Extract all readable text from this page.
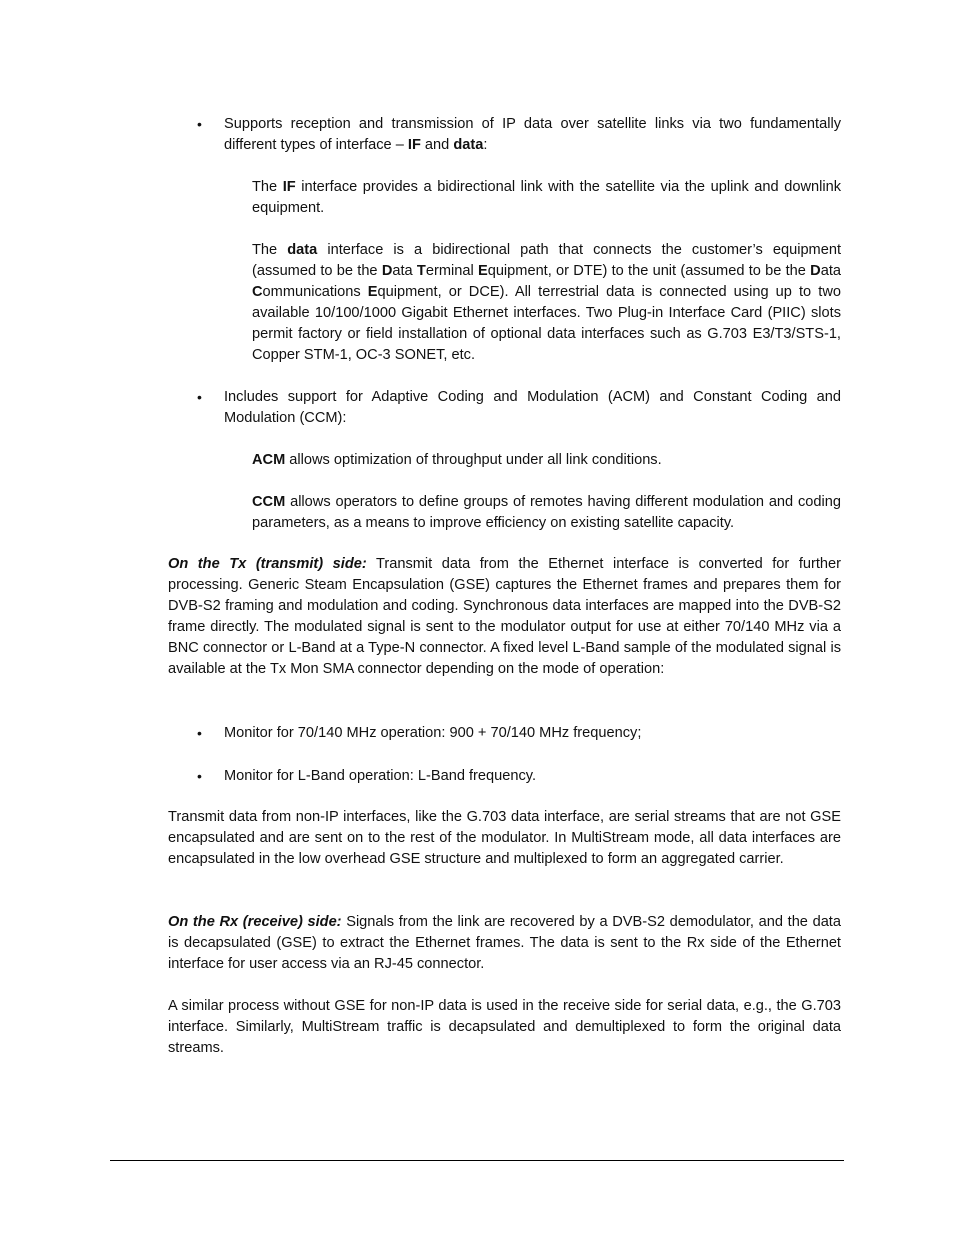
• Supports reception and transmission of IP data over satellite links via two fundamentally different types of interface – IF and data:

The IF interface provides a bidirectional link with the satellite via the uplink and downlink equipment.

The data interface is a bidirectional path that connects the customer’s equipment (assumed to be the Data Terminal Equipment, or DTE) to the unit (assumed to be the Data Communications Equipment, or DCE). All terrestrial data is connected using up to two available 10/100/1000 Gigabit Ethernet interfaces. Two Plug-in Interface Card (PIIC) slots permit factory or field installation of optional data interfaces such as G.703 E3/T3/STS-1, Copper STM-1, OC-3 SONET, etc.

• Includes support for Adaptive Coding and Modulation (ACM) and Constant Coding and Modulation (CCM):

ACM allows optimization of throughput under all link conditions.

CCM allows operators to define groups of remotes having different modulation and coding parameters, as a means to improve efficiency on existing satellite capacity.

On the Tx (transmit) side: Transmit data from the Ethernet interface is converted for further processing. Generic Steam Encapsulation (GSE) captures the Ethernet frames and prepares them for DVB-S2 framing and modulation and coding. Synchronous data interfaces are mapped into the DVB-S2 frame directly. The modulated signal is sent to the modulator output for use at either 70/140 MHz via a BNC connector or L-Band at a Type-N connector. A fixed level L-Band sample of the modulated signal is available at the Tx Mon SMA connector depending on the mode of operation:

• Monitor for 70/140 MHz operation: 900 + 70/140 MHz frequency;

• Monitor for L-Band operation: L-Band frequency.

Transmit data from non-IP interfaces, like the G.703 data interface, are serial streams that are not GSE encapsulated and are sent on to the rest of the modulator. In MultiStream mode, all data interfaces are encapsulated in the low overhead GSE structure and multiplexed to form an aggregated carrier.

On the Rx (receive) side: Signals from the link are recovered by a DVB-S2 demodulator, and the data is decapsulated (GSE) to extract the Ethernet frames. The data is sent to the Rx side of the Ethernet interface for user access via an RJ-45 connector.

A similar process without GSE for non-IP data is used in the receive side for serial data, e.g., the G.703 interface. Similarly, MultiStream traffic is decapsulated and demultiplexed to form the original data streams.
